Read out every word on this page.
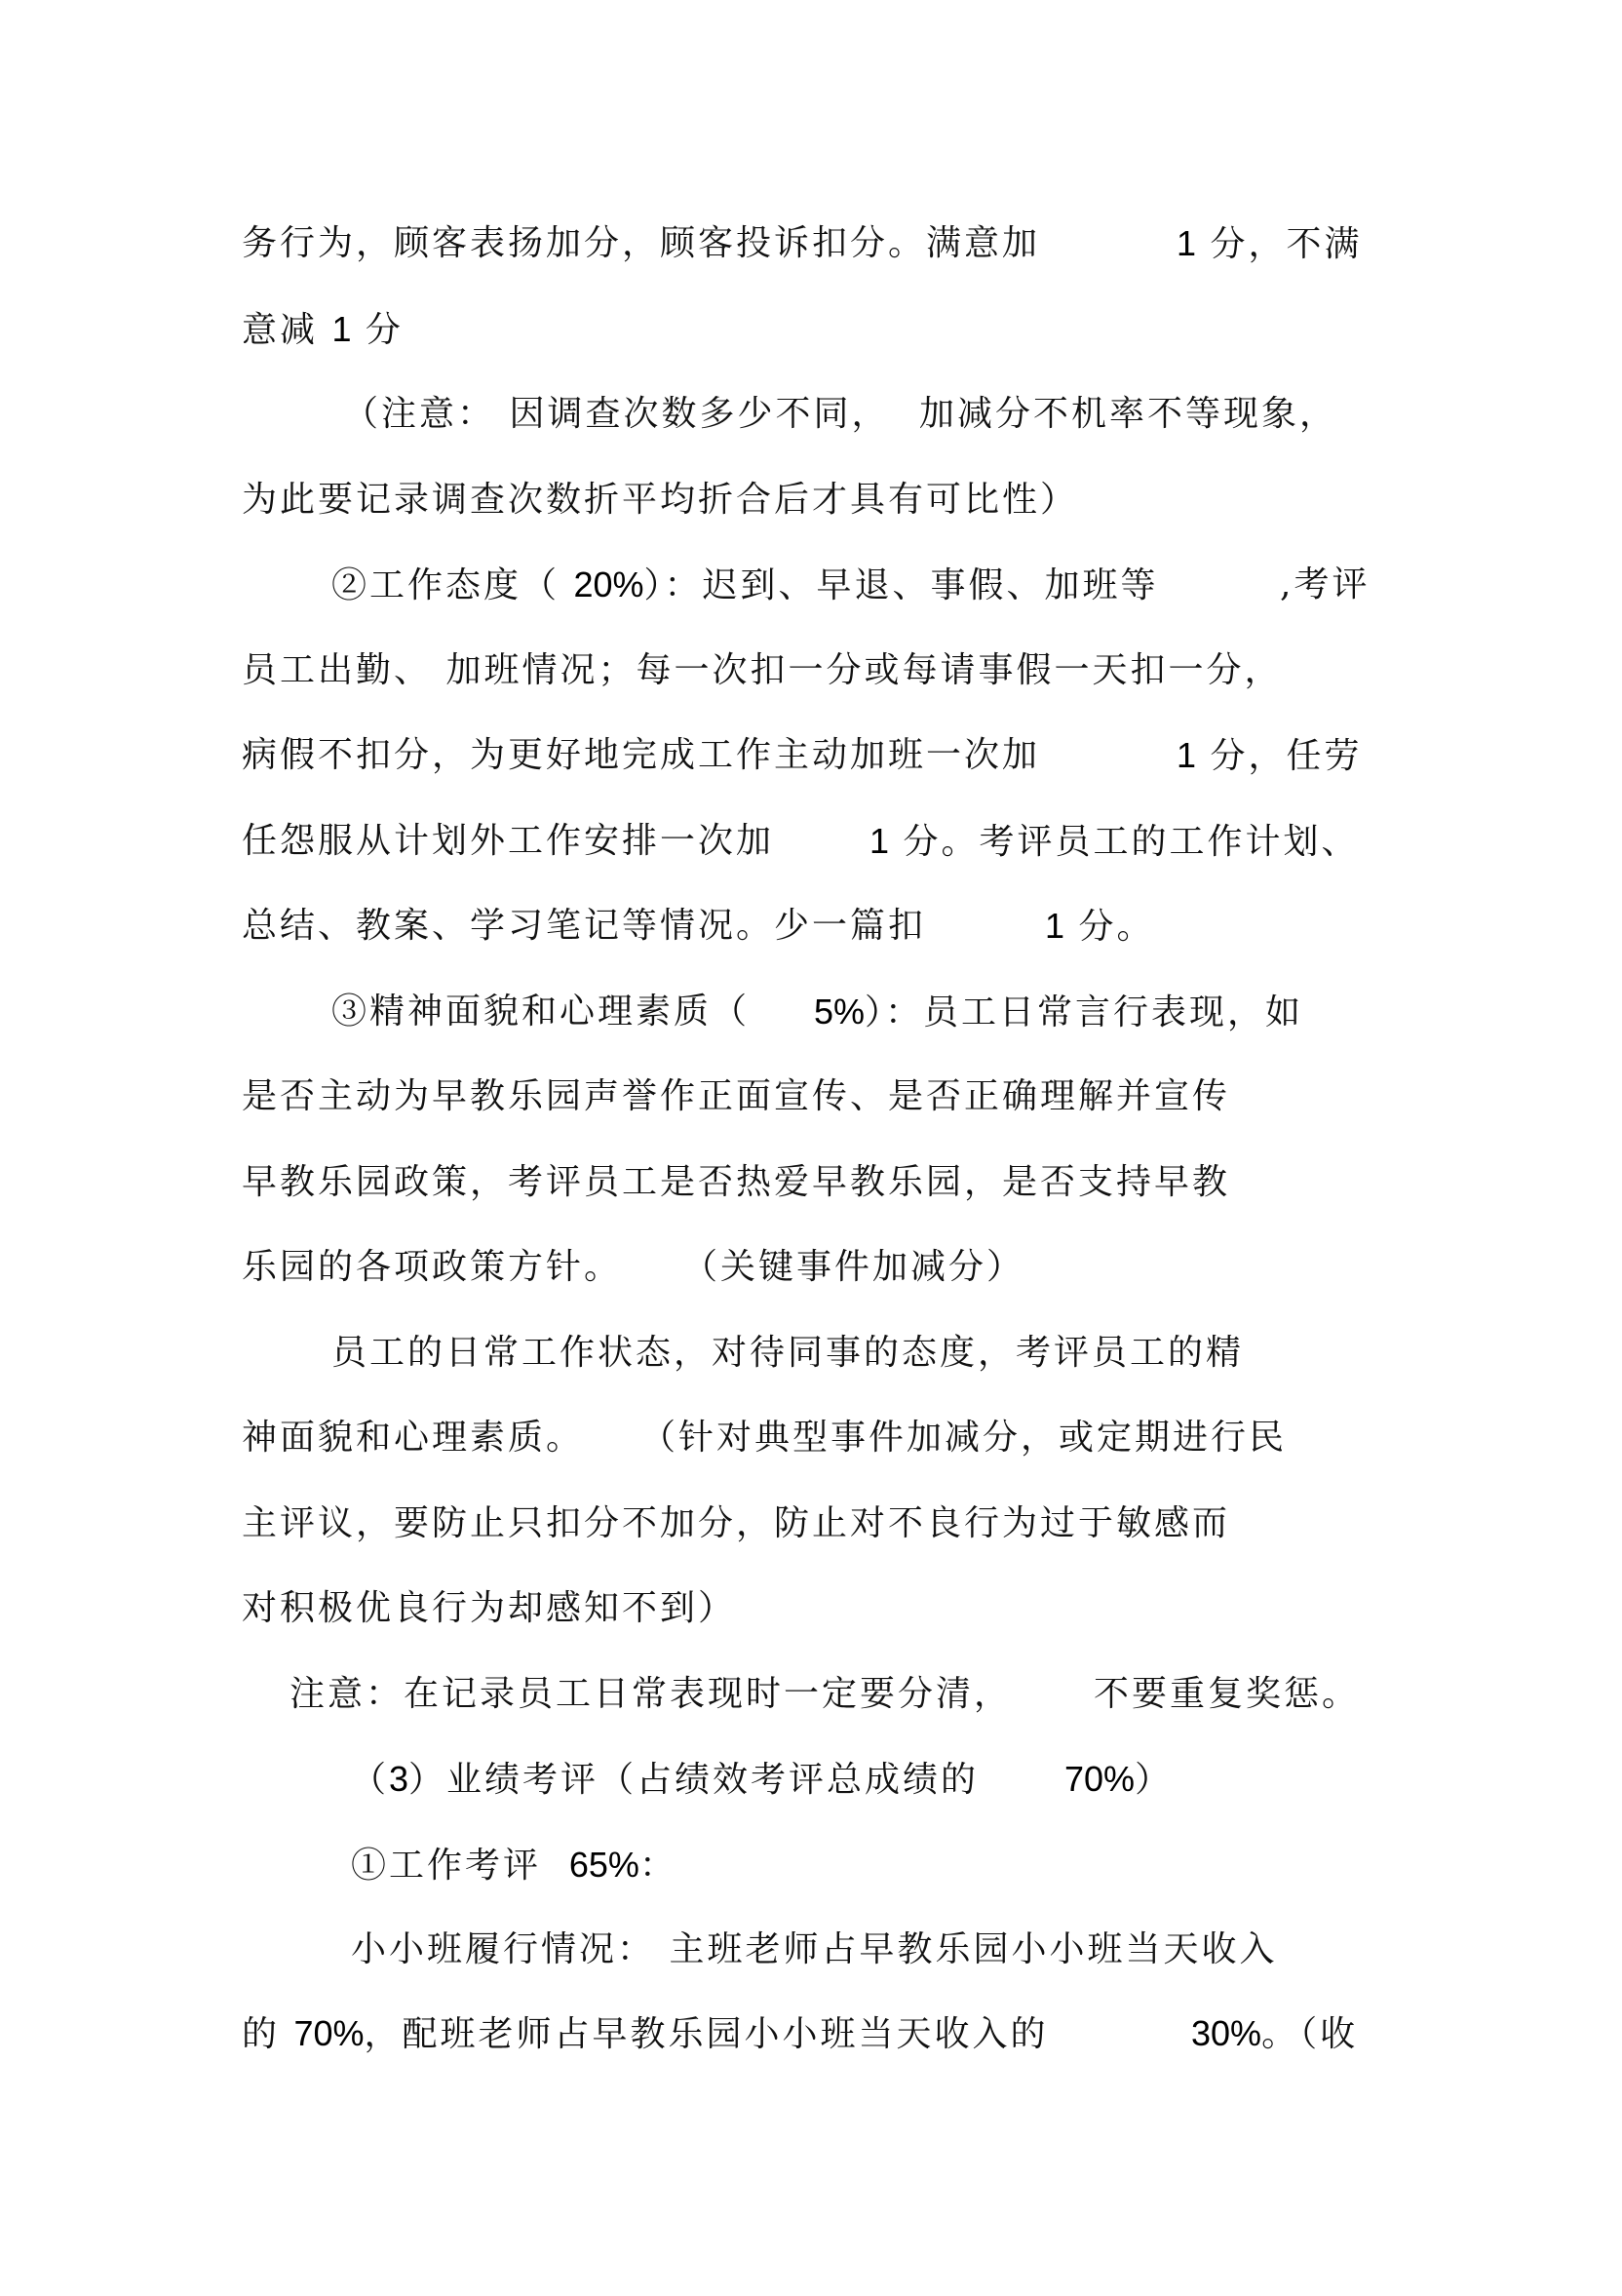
务行为，顾客表扬加分，顾客投诉扣分。满意加	1 分，不满
意减 1 分
（注意： 因调查次数多少不同， 加减分不机率不等现象，
为此要记录调查次数折平均折合后才具有可比性）
②工作态度（ 20%）：迟到、早退、事假、加班等	,考评
员工出勤、 加班情况；每一次扣一分或每请事假一天扣一分，
病假不扣分，为更好地完成工作主动加班一次加	1 分，任劳
任怨服从计划外工作安排一次加	1 分。考评员工的工作计划、
总结、教案、学习笔记等情况。少一篇扣	1 分。
③精神面貌和心理素质（ 5%）：员工日常言行表现，如
是否主动为早教乐园声誉作正面宣传、是否正确理解并宣传
早教乐园政策，考评员工是否热爱早教乐园，是否支持早教
乐园的各项政策方针。 （关键事件加减分）
员工的日常工作状态，对待同事的态度，考评员工的精
神面貌和心理素质。 （针对典型事件加减分，或定期进行民
主评议，要防止只扣分不加分，防止对不良行为过于敏感而
对积极优良行为却感知不到）
注意：在记录员工日常表现时一定要分清， 不要重复奖惩。
（3）业绩考评（占绩效考评总成绩的 70%）
①工作考评  65%：
小小班履行情况： 主班老师占早教乐园小小班当天收入
的 70%，配班老师占早教乐园小小班当天收入的	30%。（收
